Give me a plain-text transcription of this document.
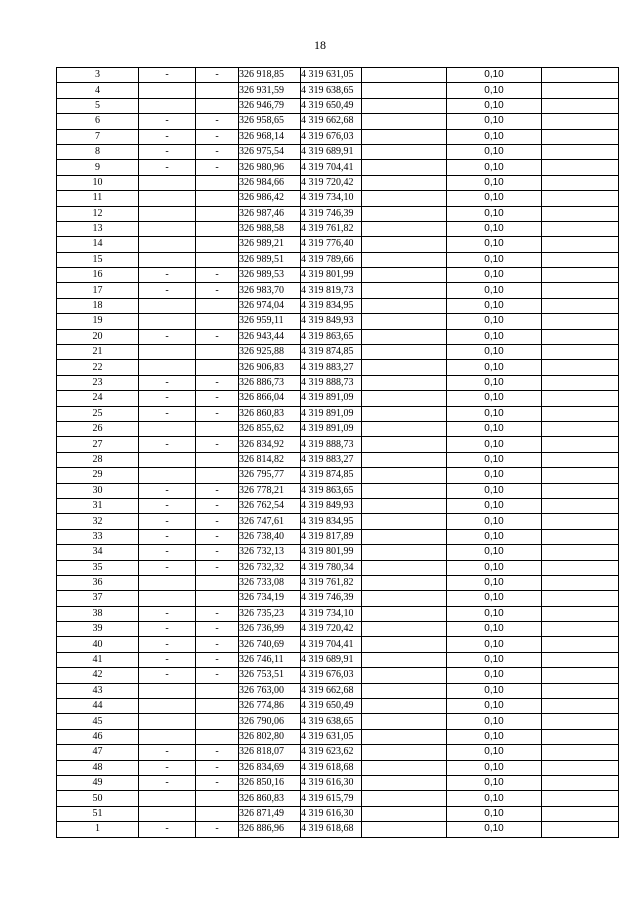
18
3	-	-	326 918,85	4 319 631,05		0,10	
4			326 931,59	4 319 638,65		0,10	
5			326 946,79	4 319 650,49		0,10	
6	-	-	326 958,65	4 319 662,68		0,10	
7	-	-	326 968,14	4 319 676,03		0,10	
8	-	-	326 975,54	4 319 689,91		0,10	
9	-	-	326 980,96	4 319 704,41		0,10	
10			326 984,66	4 319 720,42		0,10	
11			326 986,42	4 319 734,10		0,10	
12			326 987,46	4 319 746,39		0,10	
13			326 988,58	4 319 761,82		0,10	
14			326 989,21	4 319 776,40		0,10	
15			326 989,51	4 319 789,66		0,10	
16	-	-	326 989,53	4 319 801,99		0,10	
17	-	-	326 983,70	4 319 819,73		0,10	
18			326 974,04	4 319 834,95		0,10	
19			326 959,11	4 319 849,93		0,10	
20	-	-	326 943,44	4 319 863,65		0,10	
21			326 925,88	4 319 874,85		0,10	
22			326 906,83	4 319 883,27		0,10	
23	-	-	326 886,73	4 319 888,73		0,10	
24	-	-	326 866,04	4 319 891,09		0,10	
25	-	-	326 860,83	4 319 891,09		0,10	
26			326 855,62	4 319 891,09		0,10	
27	-	-	326 834,92	4 319 888,73		0,10	
28			326 814,82	4 319 883,27		0,10	
29			326 795,77	4 319 874,85		0,10	
30	-	-	326 778,21	4 319 863,65		0,10	
31	-	-	326 762,54	4 319 849,93		0,10	
32	-	-	326 747,61	4 319 834,95		0,10	
33	-	-	326 738,40	4 319 817,89		0,10	
34	-	-	326 732,13	4 319 801,99		0,10	
35	-	-	326 732,32	4 319 780,34		0,10	
36			326 733,08	4 319 761,82		0,10	
37			326 734,19	4 319 746,39		0,10	
38	-	-	326 735,23	4 319 734,10		0,10	
39	-	-	326 736,99	4 319 720,42		0,10	
40	-	-	326 740,69	4 319 704,41		0,10	
41	-	-	326 746,11	4 319 689,91		0,10	
42	-	-	326 753,51	4 319 676,03		0,10	
43			326 763,00	4 319 662,68		0,10	
44			326 774,86	4 319 650,49		0,10	
45			326 790,06	4 319 638,65		0,10	
46			326 802,80	4 319 631,05		0,10	
47	-	-	326 818,07	4 319 623,62		0,10	
48	-	-	326 834,69	4 319 618,68		0,10	
49	-	-	326 850,16	4 319 616,30		0,10	
50			326 860,83	4 319 615,79		0,10	
51			326 871,49	4 319 616,30		0,10	
1	-	-	326 886,96	4 319 618,68		0,10	
